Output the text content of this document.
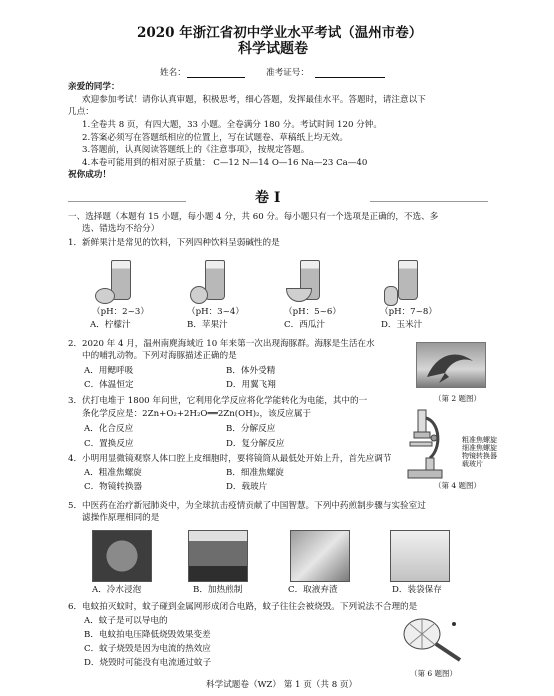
2020 年浙江省初中学业水平考试（温州市卷）
科学试题卷
姓名：	准考证号：
亲爱的同学：
欢迎参加考试！请你认真审题，积极思考，细心答题，发挥最佳水平。答题时，请注意以下
几点：
1.全卷共 8 页，有四大题，33 小题。全卷满分 180 分。考试时间 120 分钟。
2.答案必须写在答题纸相应的位置上，写在试题卷、草稿纸上均无效。
3.答题前，认真阅读答题纸上的《注意事项》，按规定答题。
4.本卷可能用到的相对原子质量： C—12 N—14 O—16 Na—23 Ca—40
祝你成功！
卷 Ⅰ
一、选择题（本题有 15 小题，每小题 4 分，共 60 分。每小题只有一个选项是正确的，不选、多
选、错选均不给分）
1．新鲜果汁是常见的饮料，下列四种饮料呈弱碱性的是
（pH：2~3）	（pH：3~4）	（pH：5~6）	（pH：7~8）
A．柠檬汁	B．苹果汁	C．西瓜汁	D．玉米汁
2．2020 年 4 月，温州南麂海域近 10 年来第一次出现海豚群。海豚是生活在水
中的哺乳动物。下列对海豚描述正确的是
A．用鳃呼吸	B．体外受精
C．体温恒定	D．用翼飞翔
（第 2 题图）
3．伏打电堆于 1800 年问世，它利用化学反应将化学能转化为电能，其中的一
条化学反应是：2Zn+O₂+2H₂O══2Zn(OH)₂，该反应属于
A．化合反应	B．分解反应
C．置换反应	D．复分解反应	粗准焦螺旋
细准焦螺旋
物镜转换器
载玻片
（第 4 题图）
4．小明用显微镜观察人体口腔上皮细胞时，要将镜筒从最低处开始上升，首先应调节
A．粗准焦螺旋	B．细准焦螺旋
C．物镜转换器	D．载玻片
5．中医药在治疗新冠肺炎中，为全球抗击疫情贡献了中国智慧。下列中药煎制步骤与实验室过
滤操作原理相同的是
A．冷水浸泡	B．加热煎制	C．取液弃渣	D．装袋保存
6．电蚊拍灭蚊时，蚊子碰到金属网形成闭合电路，蚊子往往会被烧毁。下列说法不合理的是
A．蚊子是可以导电的
B．电蚊拍电压降低烧毁效果变差
C．蚊子烧毁是因为电流的热效应
D．烧毁时可能没有电流通过蚊子
（第 6 题图）
科学试题卷（WZ） 第 1 页（共 8 页）
